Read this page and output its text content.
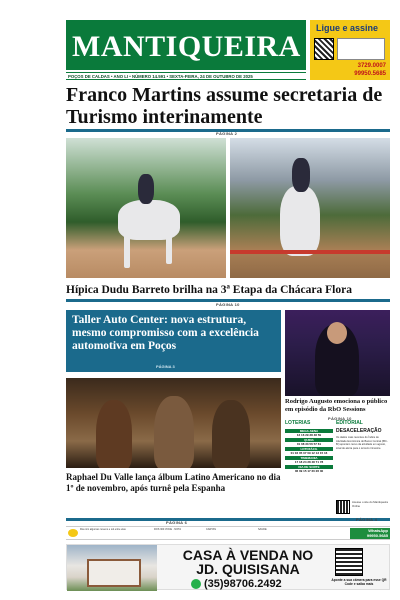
MANTIQUEIRA
POÇOS DE CALDAS • ANO LI • NÚMERO 14.591 • SEXTA-FEIRA, 24 DE OUTUBRO DE 2025
Ligue e assine
3729.0007
99950.5685
Franco Martins assume secretaria de Turismo interinamente
PÁGINA 2
Hípica Dudu Barreto brilha na 3ª Etapa da Chácara Flora
PÁGINA 10
Taller Auto Center: nova estrutura, mesmo compromisso com a excelência automotiva em Poços
PÁGINA 3
Raphael Du Valle lança álbum Latino Americano no dia 1º de novembro, após turnê pela Espanha
PÁGINA 6
Rodrigo Augusto emociona o público em episódio da RbO Sessions
PÁGINA 10
LOTERIAS
MEGA-SENA
12 16 29 38 48 59
QUINA
01 08 33 56 57 61
LOTOFÁCIL
01 02 05 07 09 12 13 15 16
TIMEMANIA
17 18 24 28 48 71 78
DIA DE SORTE
06 09 15 17 20 26 30
EDITORIAL
DESACELERAÇÃO
Os dados mais recentes do Índice de Atividade Econômica do Banco Central (IBC-Br) apontam recuo da atividade em agosto, sinal de alerta para o terceiro trimestre.
Acesse o site do Mantiqueira Online
PÁGINA 4
Dia com algumas nuvens e sol entre elas	DOS 300 VOCÊ · NOTA	CARTAS	SAÚDE	WhatsApp
99950.5685
CASA À VENDA NO
JD. QUISISANA
(35)98706.2492	Aponte a sua câmera para esse QR Code e saiba mais
